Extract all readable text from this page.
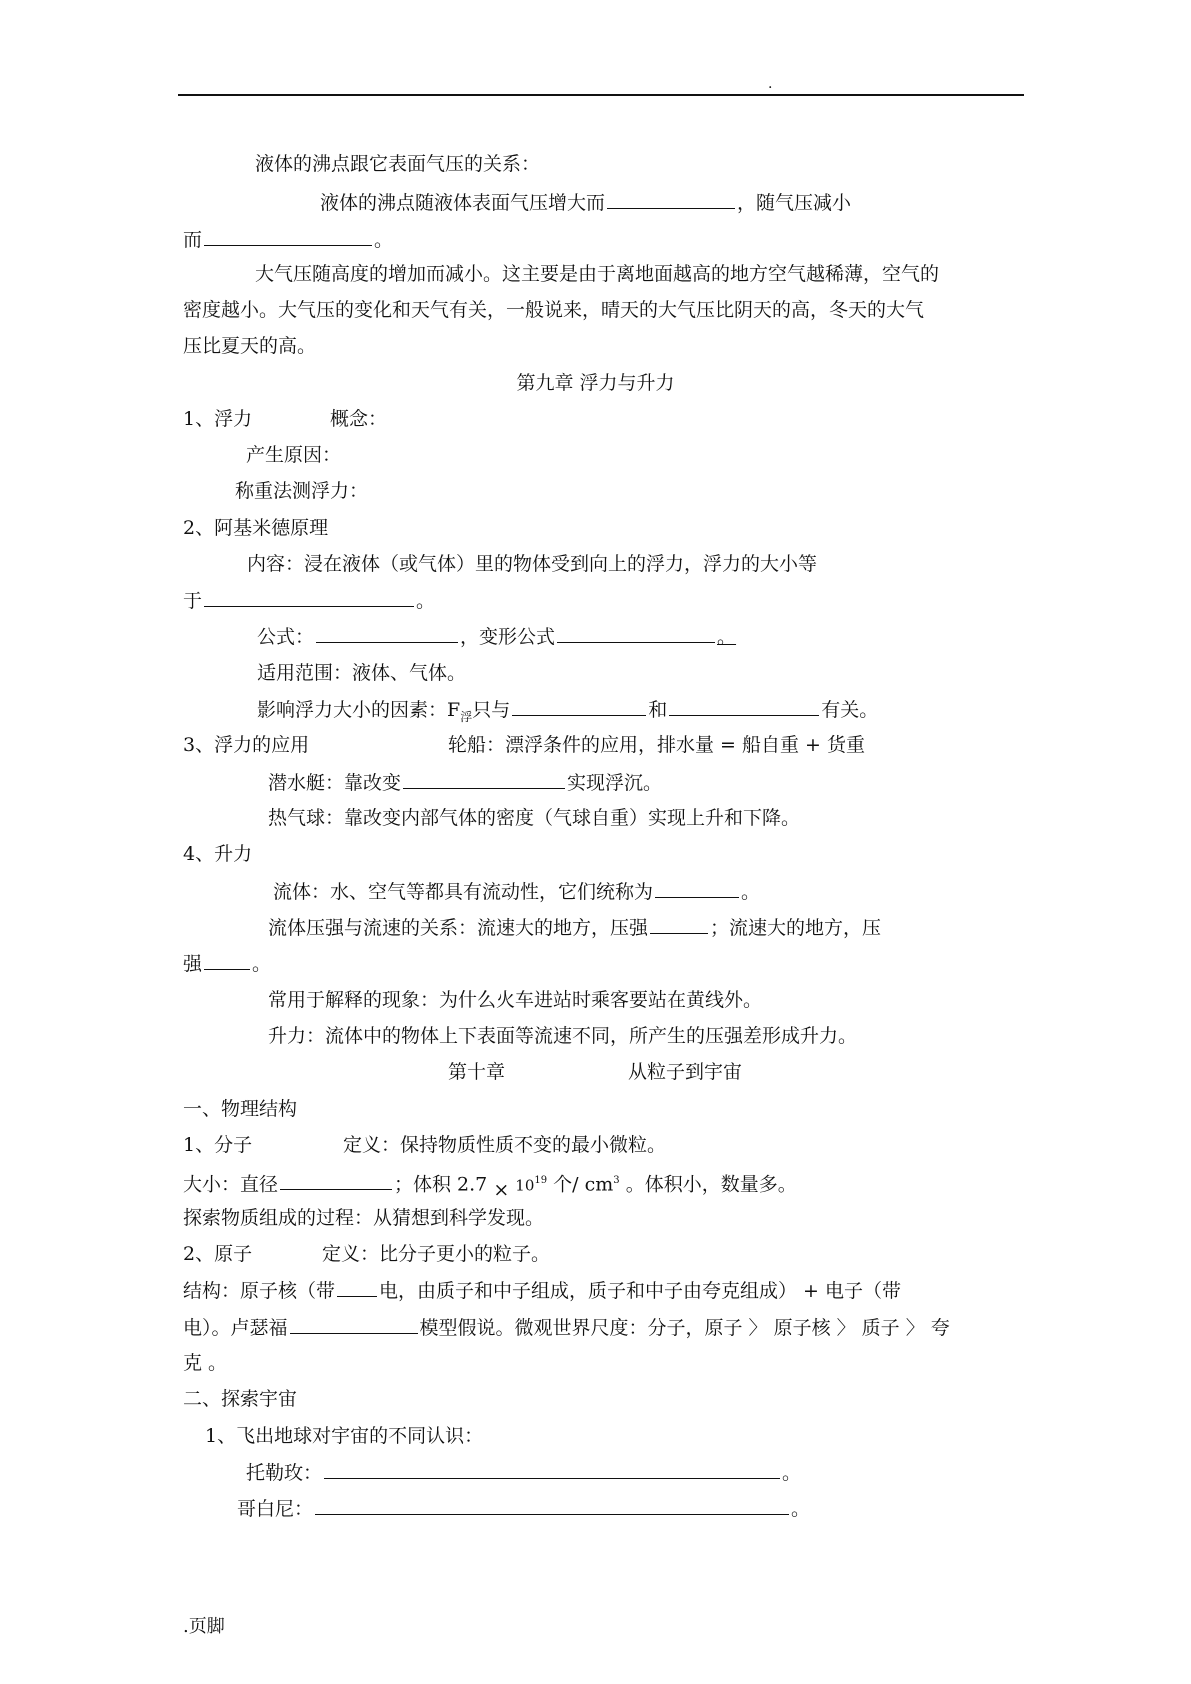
.
液体的沸点跟它表面气压的关系：
液体的沸点随液体表面气压增大而	，随气压减小
而	。
大气压随高度的增加而减小。这主要是由于离地面越高的地方空气越稀薄，空气的
密度越小。大气压的变化和天气有关，一般说来，晴天的大气压比阴天的高，冬天的大气
压比夏天的高。
第九章 浮力与升力
1、浮力	概念：
产生原因：
称重法测浮力：
2、阿基米德原理
内容：浸在液体（或气体）里的物体受到向上的浮力，浮力的大小等
于	。
公式：	，变形公式	。
适用范围：液体、气体。
影响浮力大小的因素：$F_浮$只与	和	有关。
3、浮力的应用	轮船：漂浮条件的应用，排水量 = 船自重 + 货重
潜水艇：靠改变	实现浮沉。
热气球：靠改变内部气体的密度（气球自重）实现上升和下降。
4、升力
流体：水、空气等都具有流动性，它们统称为	。
流体压强与流速的关系：流速大的地方，压强	；流速大的地方，压
强	。
常用于解释的现象：为什么火车进站时乘客要站在黄线外。
升力：流体中的物体上下表面等流速不同，所产生的压强差形成升力。
第十章	从粒子到宇宙
一、物理结构
1、分子	定义：保持物质性质不变的最小微粒。
大小：直径	；体积 $2.7 \times 10^{19}$ 个/ $cm^3$ 。体积小，数量多。
探索物质组成的过程：从猜想到科学发现。
2、原子	定义：比分子更小的粒子。
结构：原子核（带 电，由质子和中子组成，质子和中子由夸克组成） + 电子（带
电）。卢瑟福	模型假说。微观世界尺度：分子，原子 〉 原子核 〉 质子 〉 夸
克 。
二、探索宇宙
1、飞出地球对宇宙的不同认识：
托勒玫：	。
哥白尼：	。
.页脚
